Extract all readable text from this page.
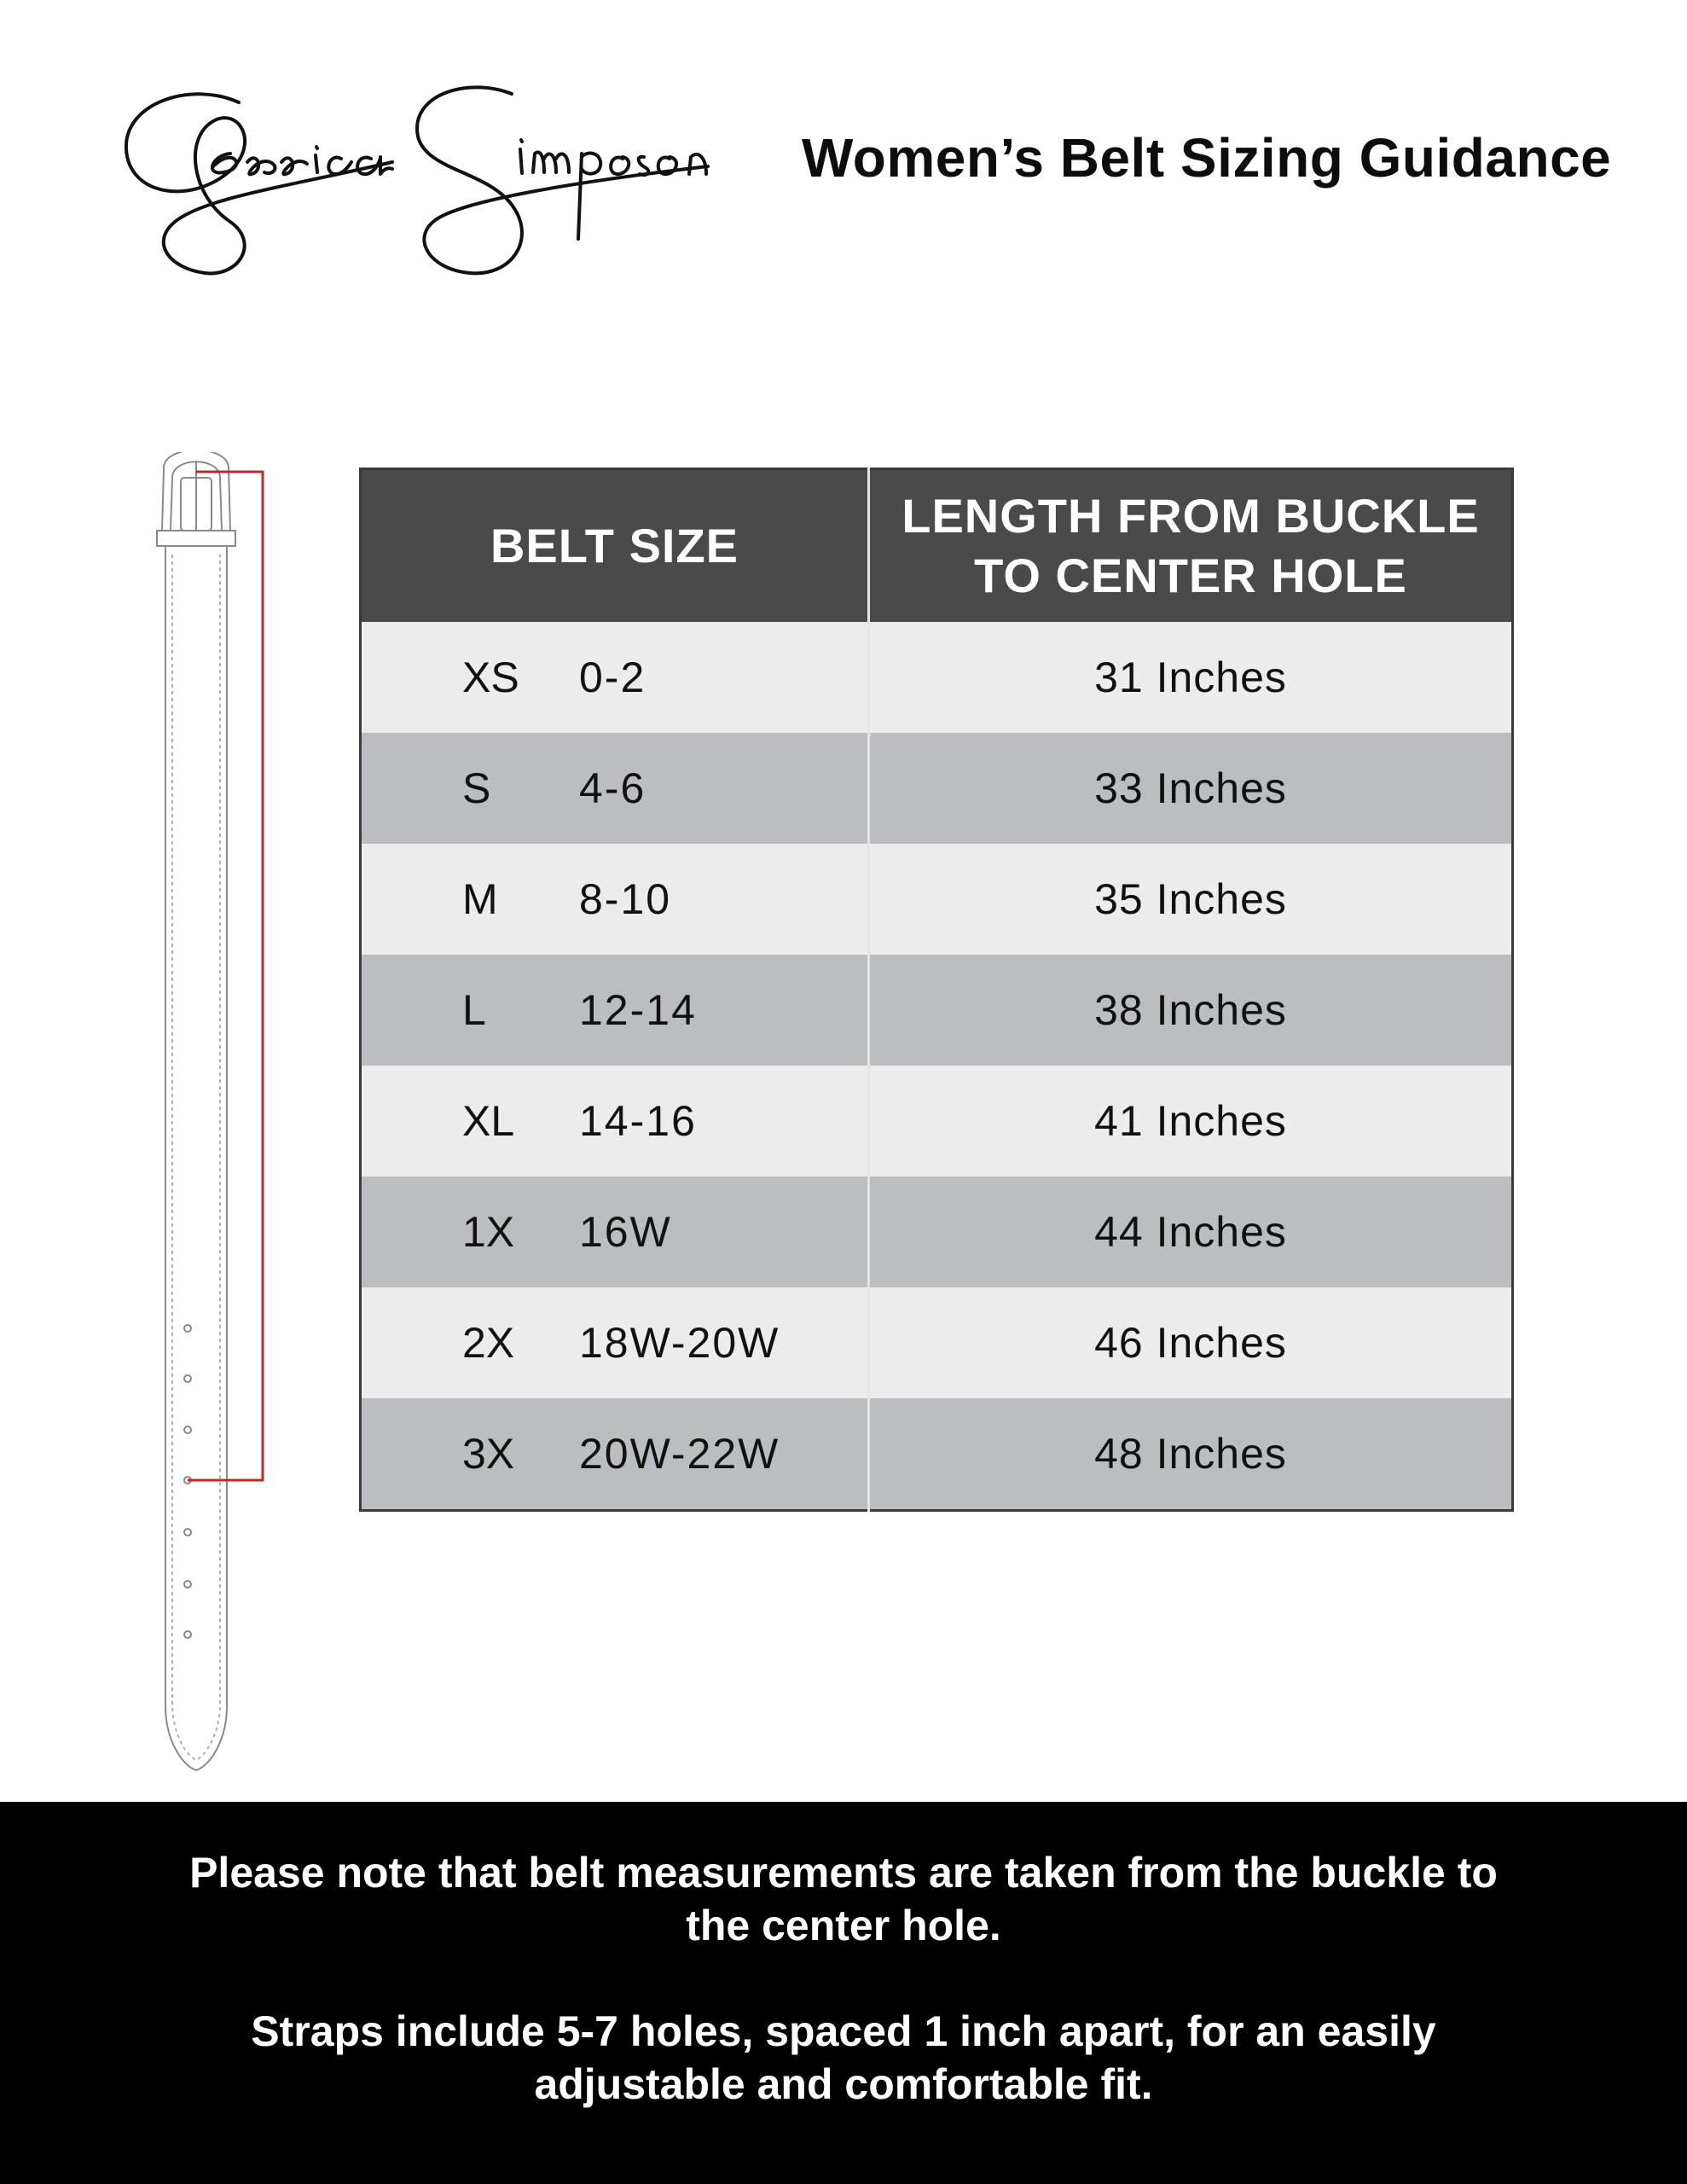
Women’s Belt Sizing Guidance
BELT SIZE	LENGTH FROM BUCKLE TO CENTER HOLE

XS 0-2	31 Inches

S 4-6	33 Inches

M 8-10	35 Inches

L 12-14	38 Inches

XL 14-16	41 Inches

1X 16W	44 Inches

2X 18W-20W	46 Inches

3X 20W-22W	48 Inches
Please note that belt measurements are taken from the buckle to the center hole.
Straps include 5-7 holes, spaced 1 inch apart, for an easily adjustable and comfortable fit.
